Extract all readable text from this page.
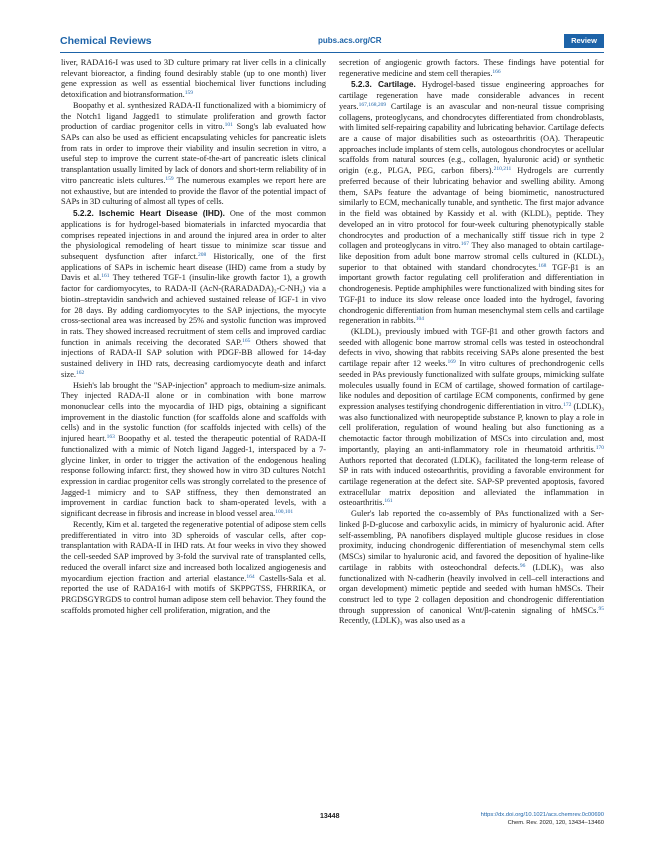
Chemical Reviews	pubs.acs.org/CR	Review

liver, RADA16-I was used to 3D culture primary rat liver cells in a clinically relevant bioreactor, a finding found desirably stable (up to one month) liver gene expression as well as essential biochemical liver functions including detoxification and biotransformation.$^{159}$

Boopathy et al. synthesized RADA-II functionalized with a biomimicry of the Notch1 ligand Jagged1 to stimulate proliferation and growth factor production of cardiac progenitor cells in vitro.$^{101}$ Song's lab evaluated how SAPs can also be used as efficient encapsulating vehicles for pancreatic islets from rats in order to improve their viability and insulin secretion in vitro, a useful step to improve the current state-of-the-art of pancreatic islets clinical transplantation usually limited by lack of donors and short-term reliability of in vitro pancreatic islets cultures.$^{159}$ The numerous examples we report here are not exhaustive, but are intended to provide the flavor of the potential impact of SAPs in 3D culturing of almost all types of cells.

5.2.2. Ischemic Heart Disease (IHD). One of the most common applications is for hydrogel-based biomaterials in infarcted myocardia that comprises repeated injections in and around the injured area in order to alter the physiological remodeling of heart tissue to minimize scar tissue and subsequent dysfunction after infarct.$^{208}$ Historically, one of the first applications of SAPs in ischemic heart disease (IHD) came from a study by Davis et al.$^{161}$ They tethered TGF-1 (insulin-like growth factor 1), a growth factor for cardiomyocytes, to RADA-II (AcN-(RARADADA)₂-C-NH₂) via a biotin–streptavidin sandwich and achieved sustained release of IGF-1 in vivo for 28 days. By adding cardiomyocytes to the SAP injections, the myocyte cross-sectional area was increased by 25% and systolic function was improved in rats. They showed increased recruitment of stem cells and improved cardiac function in animals receiving the decorated SAP.$^{165}$ Others showed that injections of RADA-II SAP solution with PDGF-BB allowed for 14-day sustained delivery in IHD rats, decreasing cardiomyocyte death and infarct size.$^{162}$

Hsieh's lab brought the "SAP-injection" approach to medium-size animals. They injected RADA-II alone or in combination with bone marrow mononuclear cells into the myocardia of IHD pigs, obtaining a significant improvement in the diastolic function (for scaffolds alone and scaffolds with cells) and in the systolic function (for scaffolds injected with cells) of the injured heart.$^{163}$ Boopathy et al. tested the therapeutic potential of RADA-II functionalized with a mimic of Notch ligand Jagged-1, interspaced by a 7-glycine linker, in order to trigger the activation of the endogenous healing response following infarct: first, they showed how in vitro 3D cultures Notch1 expression in cardiac progenitor cells was strongly correlated to the presence of Jagged-1 mimicry and to SAP stiffness, they then demonstrated an improvement in cardiac function back to sham-operated levels, with a significant decrease in fibrosis and increase in blood vessel area.$^{100,101}$

Recently, Kim et al. targeted the regenerative potential of adipose stem cells predifferentiated in vitro into 3D spheroids of vascular cells, after cop-transplantation with RADA-II in IHD rats. At four weeks in vivo they showed the cell-seeded SAP improved by 3-fold the survival rate of transplanted cells, reduced the overall infarct size and increased both localized angiogenesis and myocardium ejection fraction and arterial elastance.$^{164}$ Castells-Sala et al. reported the use of RADA16-I with motifs of SKPPGTSS, FHRRIKA, or PRGDSGYRGDS to control human adipose stem cell behavior. They found the scaffolds promoted higher cell proliferation, migration, and the

secretion of angiogenic growth factors. These findings have potential for regenerative medicine and stem cell therapies.$^{166}$

5.2.3. Cartilage. Hydrogel-based tissue engineering approaches for cartilage regeneration have made considerable advances in recent years.$^{167,168,209}$ Cartilage is an avascular and non-neural tissue comprising collagens, proteoglycans, and chondrocytes differentiated from chondroblasts, with limited self-repairing capability and lubricating behavior. Cartilage defects are a cause of major disabilities such as osteoarthritis (OA). Therapeutic approaches include implants of stem cells, autologous chondrocytes or acellular scaffolds from natural sources (e.g., collagen, hyaluronic acid) or synthetic origin (e.g., PLGA, PEG, carbon fibers).$^{210,211}$ Hydrogels are currently preferred because of their lubricating behavior and swelling ability. Among them, SAPs feature the advantage of being biomimetic, nanostructured similarly to ECM, mechanically tunable, and synthetic. The first major advance in the field was obtained by Kassidy et al. with (KLDL)₃ peptide. They developed an in vitro protocol for four-week culturing phenotypically stable chondrocytes and production of a mechanically stiff tissue rich in type 2 collagen and proteoglycans in vitro.$^{167}$ They also managed to obtain cartilage-like deposition from adult bone marrow stromal cells cultured in (KLDL)₃ superior to that obtained with standard chondrocytes.$^{168}$ TGF-β1 is an important growth factor regulating cell proliferation and differentiation in chondrogenesis. Peptide amphiphiles were functionalized with binding sites for TGF-β1 to induce its slow release once loaded into the hydrogel, favoring chondrogenic differentiation from human mesenchymal stem cells and cartilage regeneration in rabbits.$^{104}$

(KLDL)₃ previously imbued with TGF-β1 and other growth factors and seeded with allogenic bone marrow stromal cells was tested in osteochondral defects in vivo, showing that rabbits receiving SAPs alone presented the best cartilage repair after 12 weeks.$^{169}$ In vitro cultures of prechondrogenic cells seeded in PAs previously functionalized with sulfate groups, mimicking sulfate molecules usually found in ECM of cartilage, showed formation of cartilage-like nodules and deposition of cartilage ECM components, confirmed by gene expression analyses testifying chondrogenic differentiation in vitro.$^{172}$ (LDLK)₃ was also functionalized with neuropeptide substance P, known to play a role in cell proliferation, regulation of wound healing but also functioning as a chemotactic factor through mobilization of MSCs into circulation and, most importantly, playing an anti-inflammatory role in rheumatoid arthritis.$^{170}$ Authors reported that decorated (LDLK)₃ facilitated the long-term release of SP in rats with induced osteoarthritis, providing a favorable environment for cartilage regeneration at the defect site. SAP-SP prevented apoptosis, favored extracellular matrix deposition and alleviated the inflammation in osteoarthritis.$^{161}$

Guler's lab reported the co-assembly of PAs functionalized with a Ser-linked β-D-glucose and carboxylic acids, in mimicry of hyaluronic acid. After self-assembling, PA nanofibers displayed multiple glucose residues in close proximity, inducing chondrogenic differentiation of mesenchymal stem cells (MSCs) similar to hyaluronic acid, and favored the deposition of hyaline-like cartilage in rabbits with osteochondral defects.$^{96}$ (LDLK)₃ was also functionalized with N-cadherin (heavily involved in cell–cell interactions and organ development) mimetic peptide and seeded with human hMSCs. Their construct led to type 2 collagen deposition and chondrogenic differentiation through suppression of canonical Wnt/β-catenin signaling of hMSCs.$^{95}$ Recently, (LDLK)₃ was also used as a

13448	https://dx.doi.org/10.1021/acs.chemrev.0c00690
Chem. Rev. 2020, 120, 13434−13460
